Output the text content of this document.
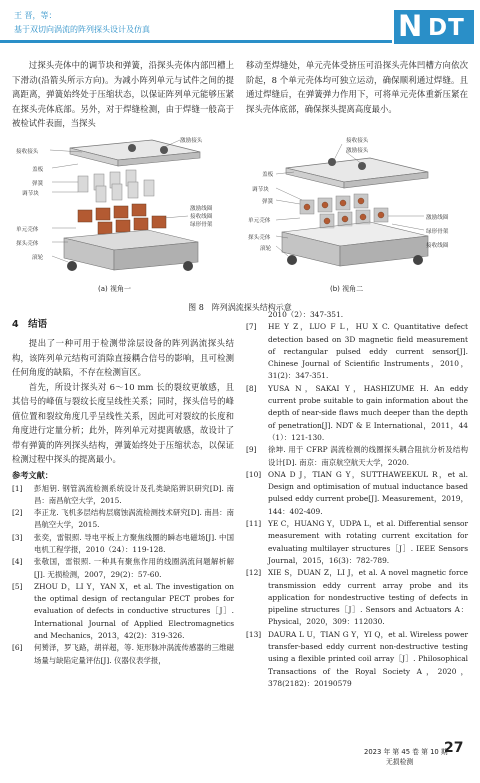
王 晋，等：
基于双切向涡流的阵列探头设计及仿真	N DT
过探头壳体中的调节块和弹簧，沿探头壳体内部凹槽上下滑动(沿箭头所示方向)。为减小阵列单元与试件之间的提离距离，弹簧始终处于压缩状态，以保证阵列单元能够压紧在探头壳体底部。另外，对于焊缝检测，由于焊缝一般高于被检试件表面，当探头
移动至焊缝处，单元壳体受挤压可沿探头壳体凹槽方向依次阶起，8 个单元壳体均可独立运动，确保顺利通过焊缝。且通过焊缝后，在弹簧弹力作用下，可将单元壳体重新压紧在探头壳体底部，确保探头提离高度最小。
接收接头
激励接头
盖板
弹簧
调节块
激励线圈
接收线圈
绿形骨架
单元壳体
探头壳体
滚轮
(a) 视角一
接收接头
激励接头
盖板
调节块
弹簧
激励线圈
单元壳体
绿形骨架
探头壳体
滚轮	接收线圈
(b) 视角二
图 8　阵列涡流探头结构示意
4　结语
提出了一种可用于检测带涂层设备的阵列涡流探头结构，该阵列单元结构可消除直接耦合信号的影响，且可检测任何角度的缺陷，不存在检测盲区。
首先，所设计探头对 6～10 mm 长的裂纹更敏感，且其信号的峰值与裂纹长度呈线性关系；同时，探头信号的峰值位置和裂纹角度几乎呈线性关系，因此可对裂纹的长度和角度进行定量分析；此外，阵列单元对提离敏感，故设计了带有弹簧的阵列探头结构，弹簧始终处于压缩状态，以保证检测过程中探头的提离最小。
参考文献：
[1]	彭旭钥. 钢管涡流检测系统设计及孔类缺陷辨识研究[D]. 南昌：南昌航空大学，2015.
[2]	李正龙. 飞机多层结构层腐蚀涡流检测技术研究[D]. 南昌：南昌航空大学，2015.
[3]	张奕，雷银照. 导电平板上方聚焦线圈的瞬态电磁场[J]. 中国电机工程学报，2010（24）：119-128.
[4]	张敬国，雷银照. 一种具有聚焦作用的线圈涡流问题解析解[J]. 无损检测，2007，29(2)：57-60.
[5]	ZHOU D，LI Y，YAN X，et al. The investigation on the optimal design of rectangular PECT probes for evaluation of defects in conductive structures［J］. International Journal of Applied Electromagnetics and Mechanics，2013，42(2)：319-326.
[6]	何赟泽，罗飞路，胡祥超，等. 矩形脉冲涡流传感器的三维磁场量与缺陷定量评估[J]. 仪器仪表学报，
2010（2）：347-351.
[7]	HE Y Z，LUO F L，HU X C. Quantitative defect detection based on 3D magnetic field measurement of rectangular pulsed eddy current sensor[J]. Chinese Journal of Scientific Instruments，2010，31(2)：347-351.
[8]	YUSA N，SAKAI Y，HASHIZUME H. An eddy current probe suitable to gain information about the depth of near-side flaws much deeper than the depth of penetration[J]. NDT & E International，2011，44（1）：121-130.
[9]	徐坤. 用于 CFRP 涡流检测的线圈探头耦合阻抗分析及结构设计[D]. 南京：南京航空航天大学，2020.
[10] ONA D J，TIAN G Y，SUTTHAWEEKUL R，et al. Design and optimisation of mutual inductance based pulsed eddy current probe[J]. Measurement，2019，144：402-409.
[11] YE C，HUANG Y，UDPA L，et al. Differential sensor measurement with rotating current excitation for evaluating multilayer structures［J］. IEEE Sensors Journal，2015，16(3)：782-789.
[12] XIE S，DUAN Z，LI J，et al. A novel magnetic force transmission eddy current array probe and its application for nondestructive testing of defects in pipeline structures［J］. Sensors and Actuators A：Physical，2020，309：112030.
[13] DAURA L U，TIAN G Y，YI Q，et al. Wireless power transfer-based eddy current non-destructive testing using a flexible printed coil array［J］. Philosophical Transactions of the Royal Society A，2020，378(2182)：20190579
2023 年 第 45 卷 第 10 期
无损检测
27
